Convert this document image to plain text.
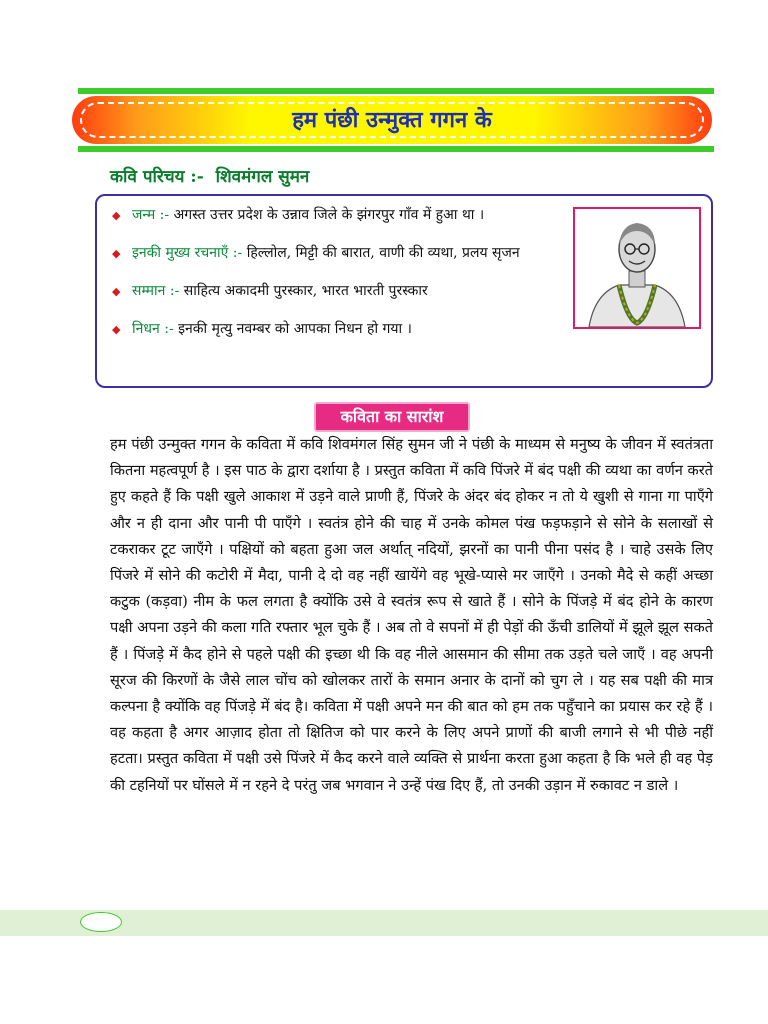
हम पंछी उन्मुक्त गगन के
कवि परिचय :- शिवमंगल सुमन
◆ जन्म :- अगस्त उत्तर प्रदेश के उन्नाव जिले के झंगरपुर गाँव में हुआ था ।
◆ इनकी मुख्य रचनाएँ :- हिल्लोल, मिट्टी की बारात, वाणी की व्यथा, प्रलय सृजन
◆ सम्मान :- साहित्य अकादमी पुरस्कार, भारत भारती पुरस्कार
◆ निधन :- इनकी मृत्यु नवम्बर को आपका निधन हो गया ।
कविता का सारांश
हम पंछी उन्मुक्त गगन के कविता में कवि शिवमंगल सिंह सुमन जी ने पंछी के माध्यम से मनुष्य के जीवन में स्वतंत्रता कितना महत्वपूर्ण है । इस पाठ के द्वारा दर्शाया है । प्रस्तुत कविता में कवि पिंजरे में बंद पक्षी की व्यथा का वर्णन करते हुए कहते हैं कि पक्षी खुले आकाश में उड़ने वाले प्राणी हैं, पिंजरे के अंदर बंद होकर न तो ये खुशी से गाना गा पाएँगे और न ही दाना और पानी पी पाएँगे । स्वतंत्र होने की चाह में उनके कोमल पंख फड़फड़ाने से सोने के सलाखों से टकराकर टूट जाएँगे । पक्षियों को बहता हुआ जल अर्थात् नदियों, झरनों का पानी पीना पसंद है । चाहे उसके लिए पिंजरे में सोने की कटोरी में मैदा, पानी दे दो वह नहीं खायेंगे वह भूखे-प्यासे मर जाएँगे । उनको मैदे से कहीं अच्छा कटुक (कड़वा) नीम के फल लगता है क्योंकि उसे वे स्वतंत्र रूप से खाते हैं । सोने के पिंजड़े में बंद होने के कारण पक्षी अपना उड़ने की कला गति रफ्तार भूल चुके हैं । अब तो वे सपनों में ही पेड़ों की ऊँची डालियों में झूले झूल सकते हैं । पिंजड़े में कैद होने से पहले पक्षी की इच्छा थी कि वह नीले आसमान की सीमा तक उड़ते चले जाएँ । वह अपनी सूरज की किरणों के जैसे लाल चोंच को खोलकर तारों के समान अनार के दानों को चुग ले । यह सब पक्षी की मात्र कल्पना है क्योंकि वह पिंजड़े में बंद है। कविता में पक्षी अपने मन की बात को हम तक पहुँचाने का प्रयास कर रहे हैं । वह कहता है अगर आज़ाद होता तो क्षितिज को पार करने के लिए अपने प्राणों की बाजी लगाने से भी पीछे नहीं हटता। प्रस्तुत कविता में पक्षी उसे पिंजरे में कैद करने वाले व्यक्ति से प्रार्थना करता हुआ कहता है कि भले ही वह पेड़ की टहनियों पर घोंसले में न रहने दे परंतु जब भगवान ने उन्हें पंख दिए हैं, तो उनकी उड़ान में रुकावट न डाले ।
